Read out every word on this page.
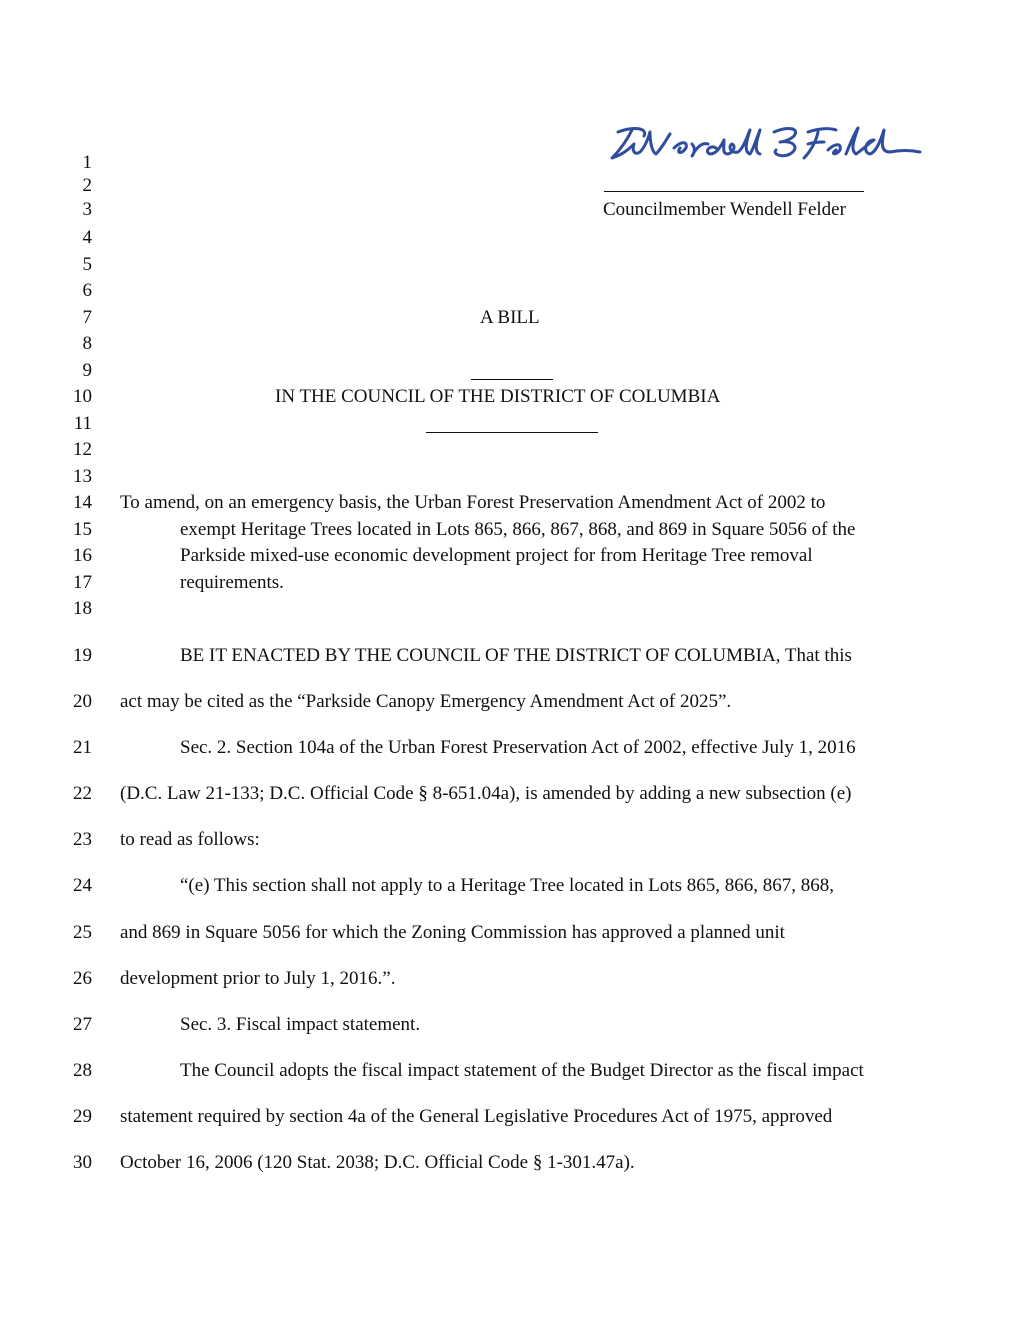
Councilmember Wendell Felder
1
2
3
4
5
6
7
8
9
10
11
12
13
14
15
16
17
18
19
20
21
22
23
24
25
26
27
28
29
30
A BILL
IN THE COUNCIL OF THE DISTRICT OF COLUMBIA
To amend, on an emergency basis, the Urban Forest Preservation Amendment Act of 2002 to
exempt Heritage Trees located in Lots 865, 866, 867, 868, and 869 in Square 5056 of the
Parkside mixed-use economic development project for from Heritage Tree removal
requirements.
BE IT ENACTED BY THE COUNCIL OF THE DISTRICT OF COLUMBIA, That this
act may be cited as the “Parkside Canopy Emergency Amendment Act of 2025”.
Sec. 2. Section 104a of the Urban Forest Preservation Act of 2002, effective July 1, 2016
(D.C. Law 21-133; D.C. Official Code § 8-651.04a), is amended by adding a new subsection (e)
to read as follows:
“(e) This section shall not apply to a Heritage Tree located in Lots 865, 866, 867, 868,
and 869 in Square 5056 for which the Zoning Commission has approved a planned unit
development prior to July 1, 2016.”.
Sec. 3. Fiscal impact statement.
The Council adopts the fiscal impact statement of the Budget Director as the fiscal impact
statement required by section 4a of the General Legislative Procedures Act of 1975, approved
October 16, 2006 (120 Stat. 2038; D.C. Official Code § 1-301.47a).
